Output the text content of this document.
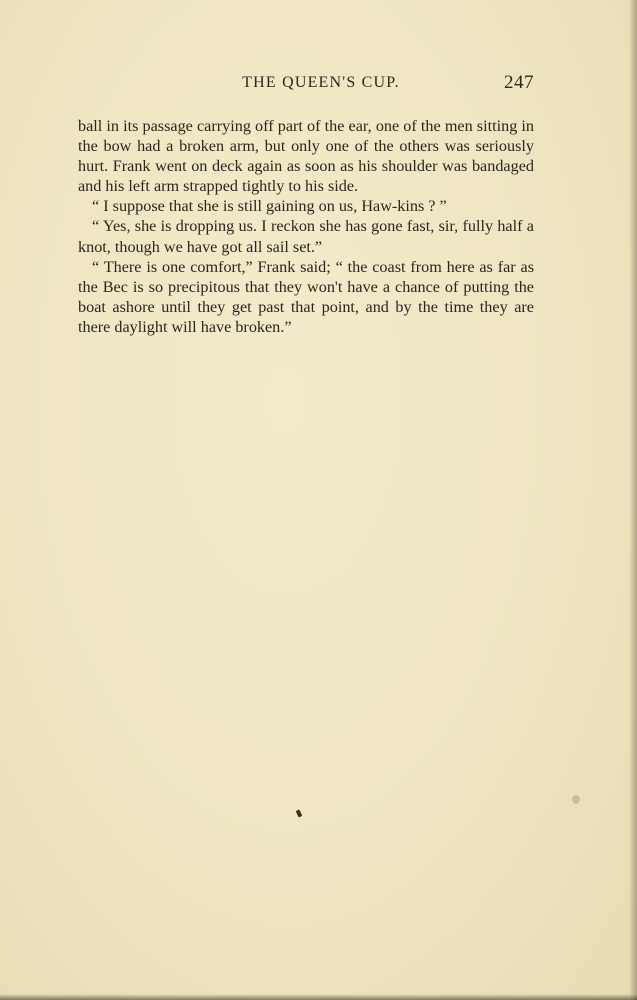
THE QUEEN'S CUP.	247

ball in its passage carrying off part of the ear, one of the men sitting in the bow had a broken arm, but only one of the others was seriously hurt. Frank went on deck again as soon as his shoulder was bandaged and his left arm strapped tightly to his side.

“ I suppose that she is still gaining on us, Haw-kins ? ”

“ Yes, she is dropping us. I reckon she has gone fast, sir, fully half a knot, though we have got all sail set.”

“ There is one comfort,” Frank said; “ the coast from here as far as the Bec is so precipitous that they won't have a chance of putting the boat ashore until they get past that point, and by the time they are there daylight will have broken.”
